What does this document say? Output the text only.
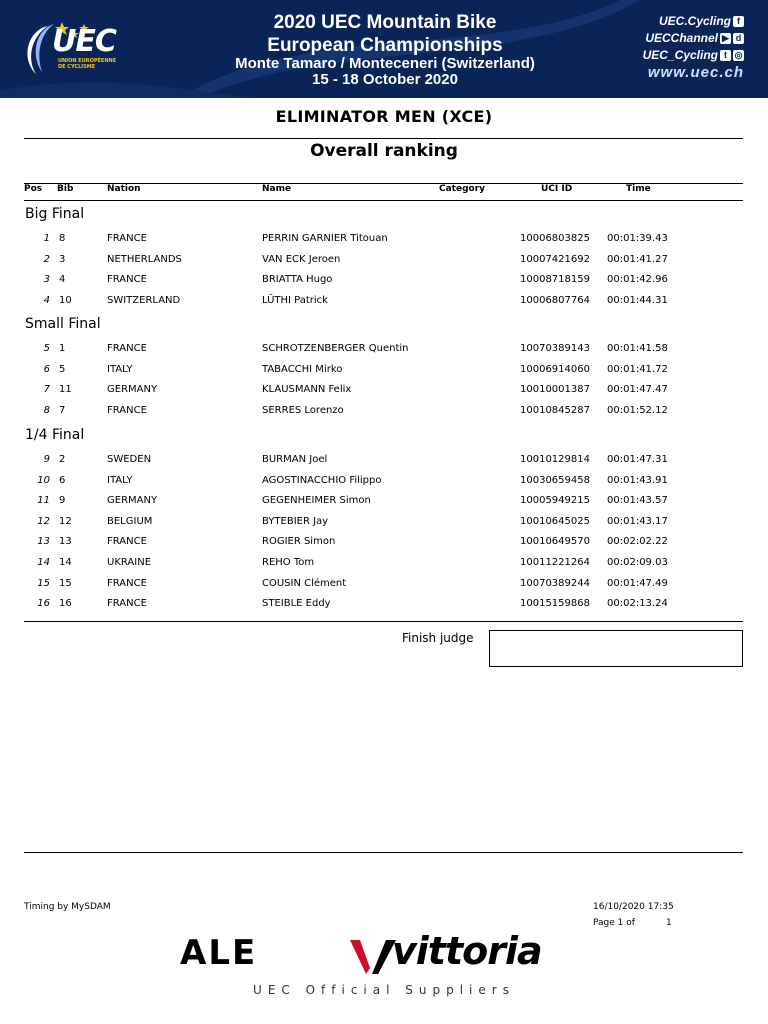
UEC
UNION EUROPÉENNE
DE CYCLISME
2020 UEC Mountain Bike
European Championships
Monte Tamaro / Monteceneri (Switzerland)
15 - 18 October 2020
UEC.Cycling f
UECChannel ▶ d
UEC_Cycling t ◎
www.uec.ch
ELIMINATOR MEN (XCE)
Overall ranking
Pos Bib	Nation	Name	Category	UCI ID	Time
Big Final
1 8	FRANCE	PERRIN GARNIER Titouan	10006803825 00:01:39.43
2 3	NETHERLANDS	VAN ECK Jeroen	10007421692 00:01:41.27
3 4	FRANCE	BRIATTA Hugo	10008718159 00:01:42.96
4 10	SWITZERLAND	LÜTHI Patrick	10006807764 00:01:44.31
Small Final
5 1	FRANCE	SCHROTZENBERGER Quentin	10070389143 00:01:41.58
6 5	ITALY	TABACCHI Mirko	10006914060 00:01:41.72
7 11	GERMANY	KLAUSMANN Felix	10010001387 00:01:47.47
8 7	FRANCE	SERRES Lorenzo	10010845287 00:01:52.12
1/4 Final
9 2	SWEDEN	BURMAN Joel	10010129814 00:01:47.31
10 6	ITALY	AGOSTINACCHIO Filippo	10030659458 00:01:43.91
11 9	GERMANY	GEGENHEIMER Simon	10005949215 00:01:43.57
12 12	BELGIUM	BYTEBIER Jay	10010645025 00:01:43.17
13 13	FRANCE	ROGIER Simon	10010649570 00:02:02.22
14 14	UKRAINE	REHO Tom	10011221264 00:02:09.03
15 15	FRANCE	COUSIN Clément	10070389244 00:01:47.49
16 16	FRANCE	STEIBLE Eddy	10015159868 00:02:13.24
Finish judge
Timing by MySDAM	16/10/2020 17:35
Page 1 of	1
ALE	vittoria
UEC Official Suppliers
